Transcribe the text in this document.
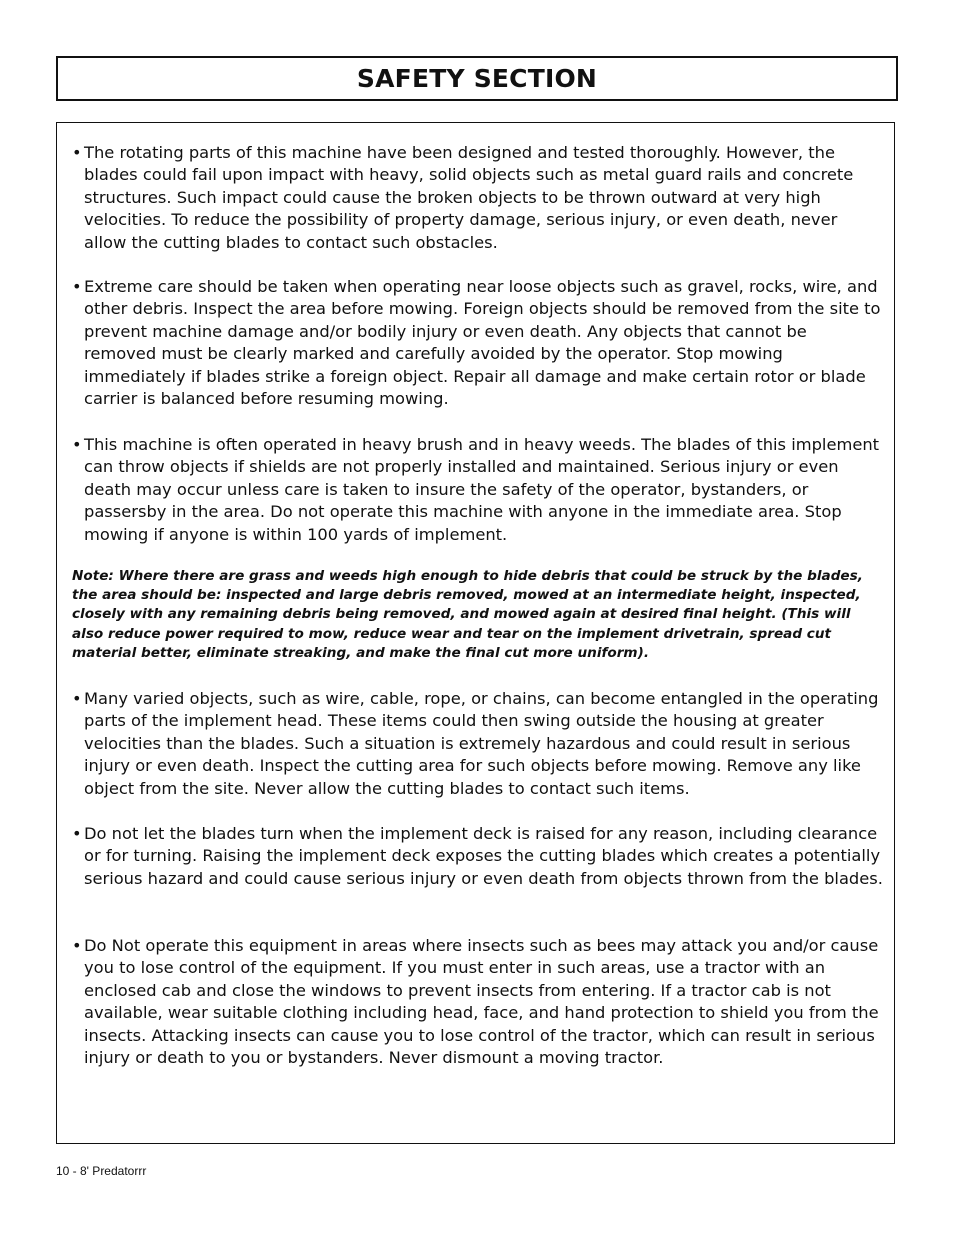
SAFETY SECTION
• The rotating parts of this machine have been designed and tested thoroughly. However, the blades could fail upon impact with heavy, solid objects such as metal guard rails and concrete structures. Such impact could cause the broken objects to be thrown outward at very high velocities. To reduce the possibility of property damage, serious injury, or even death, never allow the cutting blades to contact such obstacles.
• Extreme care should be taken when operating near loose objects such as gravel, rocks, wire, and other debris. Inspect the area before mowing. Foreign objects should be removed from the site to prevent machine damage and/or bodily injury or even death. Any objects that cannot be removed must be clearly marked and carefully avoided by the operator. Stop mowing immediately if blades strike a foreign object. Repair all damage and make certain rotor or blade carrier is balanced before resuming mowing.
• This machine is often operated in heavy brush and in heavy weeds. The blades of this implement can throw objects if shields are not properly installed and maintained. Serious injury or even death may occur unless care is taken to insure the safety of the operator, bystanders, or passersby in the area. Do not operate this machine with anyone in the immediate area. Stop mowing if anyone is within 100 yards of implement.
Note: Where there are grass and weeds high enough to hide debris that could be struck by the blades, the area should be: inspected and large debris removed, mowed at an intermediate height, inspected, closely with any remaining debris being removed, and mowed again at desired final height. (This will also reduce power required to mow, reduce wear and tear on the implement drivetrain, spread cut material better, eliminate streaking, and make the final cut more uniform).
• Many varied objects, such as wire, cable, rope, or chains, can become entangled in the operating parts of the implement head. These items could then swing outside the housing at greater velocities than the blades. Such a situation is extremely hazardous and could result in serious injury or even death. Inspect the cutting area for such objects before mowing. Remove any like object from the site. Never allow the cutting blades to contact such items.
• Do not let the blades turn when the implement deck is raised for any reason, including clearance or for turning. Raising the implement deck exposes the cutting blades which creates a potentially serious hazard and could cause serious injury or even death from objects thrown from the blades.
• Do Not operate this equipment in areas where insects such as bees may attack you and/or cause you to lose control of the equipment. If you must enter in such areas, use a tractor with an enclosed cab and close the windows to prevent insects from entering. If a tractor cab is not available, wear suitable clothing including head, face, and hand protection to shield you from the insects. Attacking insects can cause you to lose control of the tractor, which can result in serious injury or death to you or bystanders. Never dismount a moving tractor.
10 - 8' Predatorrr
